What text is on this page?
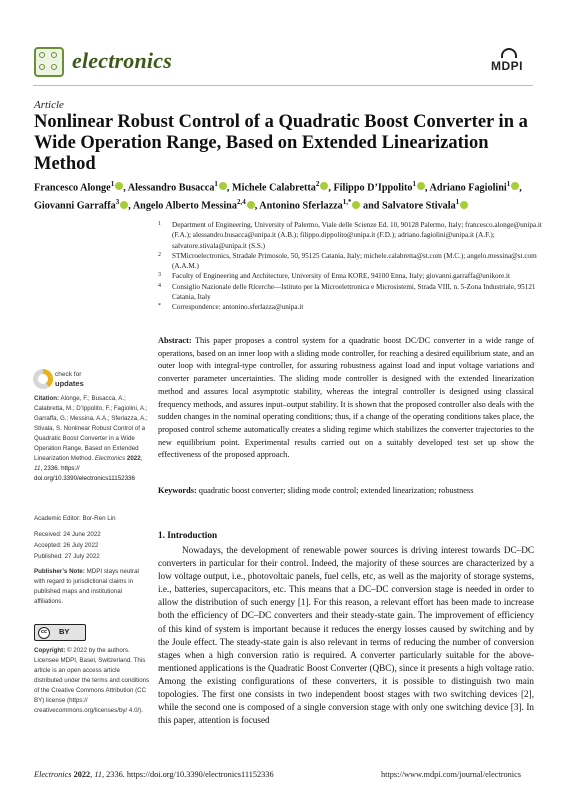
electronics	MDPI
Article
Nonlinear Robust Control of a Quadratic Boost Converter in a Wide Operation Range, Based on Extended Linearization Method
Francesco Alonge$^1$ , Alessandro Busacca$^1$ , Michele Calabretta$^2$ , Filippo D’Ippolito$^1$ , Adriano Fagiolini$^1$ , Giovanni Garraffa$^3$ , Angelo Alberto Messina$^{2,4}$ , Antonino Sferlazza$^{1,*}$ and Salvatore Stivala$^1$
1 Department of Engineering, University of Palermo, Viale delle Scienze Ed. 10, 90128 Palermo, Italy; francesco.alonge@unipa.it (F.A.); alessandro.busacca@unipa.it (A.B.); filippo.dippolito@unipa.it (F.D.); adriano.fagiolini@unipa.it (A.F.); salvatore.stivala@unipa.it (S.S.)
2 STMicroelectronics, Stradale Primosole, 50, 95125 Catania, Italy; michele.calabretta@st.com (M.C.); angelo.messina@st.com (A.A.M.)
3 Faculty of Engineering and Architecture, University of Enna KORE, 94100 Enna, Italy; giovanni.garraffa@unikore.it
4 Consiglio Nazionale delle Ricerche—Istituto per la Microelettronica e Microsistemi, Strada VIII, n. 5-Zona Industriale, 95121 Catania, Italy
* Correspondence: antonino.sferlazza@unipa.it
check for
updates
Citation: Alonge, F.; Busacca, A.; Calabretta, M.; D’Ippolito, F.; Fagiolini, A.; Garraffa, G.; Messina, A.A.; Sferlazza, A.; Stivala, S. Nonlinear Robust Control of a Quadratic Boost Converter in a Wide Operation Range, Based on Extended Linearization Method. Electronics 2022, 11, 2336. https:// doi.org/10.3390/electronics11152336
Academic Editor: Bor-Ren Lin
Received: 24 June 2022
Accepted: 26 July 2022
Published: 27 July 2022
Publisher’s Note: MDPI stays neutral with regard to jurisdictional claims in published maps and institutional affiliations.
cc	BY
Copyright: © 2022 by the authors. Licensee MDPI, Basel, Switzerland. This article is an open access article distributed under the terms and conditions of the Creative Commons Attribution (CC BY) license (https:// creativecommons.org/licenses/by/ 4.0/).
Abstract: This paper proposes a control system for a quadratic boost DC/DC converter in a wide range of operations, based on an inner loop with a sliding mode controller, for reaching a desired equilibrium state, and an outer loop with integral-type controller, for assuring robustness against load and input voltage variations and converter parameter uncertainties. The sliding mode controller is designed with the extended linearization method and assures local asymptotic stability, whereas the integral controller is designed using classical frequency methods, and assures input–output stability. It is shown that the proposed controller also deals with the sudden changes in the nominal operating conditions; thus, if a change of the operating conditions takes place, the proposed control scheme automatically creates a sliding regime which stabilizes the converter trajectories to the new equilibrium point. Experimental results carried out on a suitably developed test set up show the effectiveness of the proposed approach.
Keywords: quadratic boost converter; sliding mode control; extended linearization; robustness
1. Introduction
Nowadays, the development of renewable power sources is driving interest towards DC–DC converters in particular for their control. Indeed, the majority of these sources are characterized by a low voltage output, i.e., photovoltaic panels, fuel cells, etc, as well as the majority of storage systems, i.e., batteries, supercapacitors, etc. This means that a DC–DC conversion stage is needed in order to allow the distribution of such energy [1]. For this reason, a relevant effort has been made to increase both the efficiency of DC–DC converters and their steady-state gain. The improvement of efficiency of this kind of system is important because it reduces the energy losses caused by switching and by the Joule effect. The steady-state gain is also relevant in terms of reducing the number of conversion stages when a high conversion ratio is required. A converter particularly suitable for the above-mentioned applications is the Quadratic Boost Converter (QBC), since it presents a high voltage ratio. Among the existing configurations of these converters, it is possible to distinguish two main topologies. The first one consists in two independent boost stages with two switching devices [2], while the second one is composed of a single conversion stage with only one switching device [3]. In this paper, attention is focused
Electronics 2022, 11, 2336. https://doi.org/10.3390/electronics11152336	https://www.mdpi.com/journal/electronics
